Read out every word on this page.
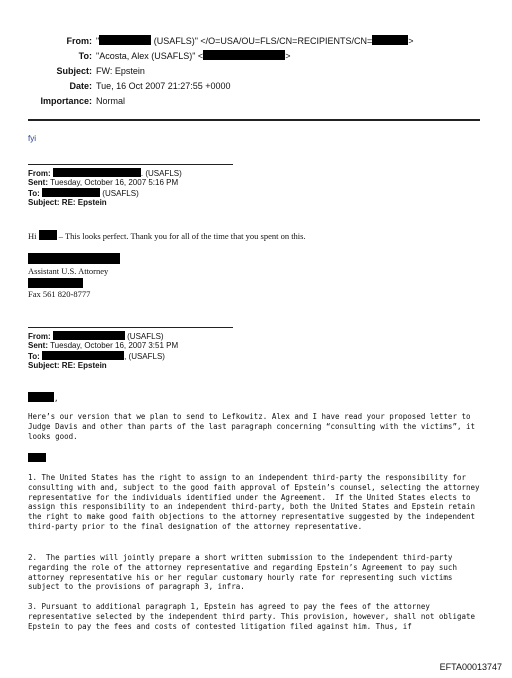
From: "	(USAFLS)" </O=USA/OU=FLS/CN=RECIPIENTS/CN=	>
To: "Acosta, Alex (USAFLS)" <	>
Subject: FW: Epstein
Date: Tue, 16 Oct 2007 21:27:55 +0000
Importance: Normal
fyi
From:	. (USAFLS)
Sent: Tuesday, October 16, 2007 5:16 PM
To:	(USAFLS)
Subject: RE: Epstein
Hi  – This looks perfect. Thank you for all of the time that you spent on this.
Assistant U.S. Attorney
Fax 561 820-8777
From:	(USAFLS)
Sent: Tuesday, October 16, 2007 3:51 PM
To:	, (USAFLS)
Subject: RE: Epstein
,
Here’s our version that we plan to send to Lefkowitz. Alex and I have read your proposed letter to Judge Davis and other than parts of the last paragraph concerning “consulting with the victims”, it looks good.
1. The United States has the right to assign to an independent third-party the responsibility for consulting with and, subject to the good faith approval of Epstein’s counsel, selecting the attorney representative for the individuals identified under the Agreement.  If the United States elects to assign this responsibility to an independent third-party, both the United States and Epstein retain the right to make good faith objections to the attorney representative suggested by the independent third-party prior to the final designation of the attorney representative.
2.  The parties will jointly prepare a short written submission to the independent third-party regarding the role of the attorney representative and regarding Epstein’s Agreement to pay such attorney representative his or her regular customary hourly rate for representing such victims subject to the provisions of paragraph 3, infra.
3. Pursuant to additional paragraph 1, Epstein has agreed to pay the fees of the attorney representative selected by the independent third party. This provision, however, shall not obligate Epstein to pay the fees and costs of contested litigation filed against him. Thus, if
EFTA00013747
